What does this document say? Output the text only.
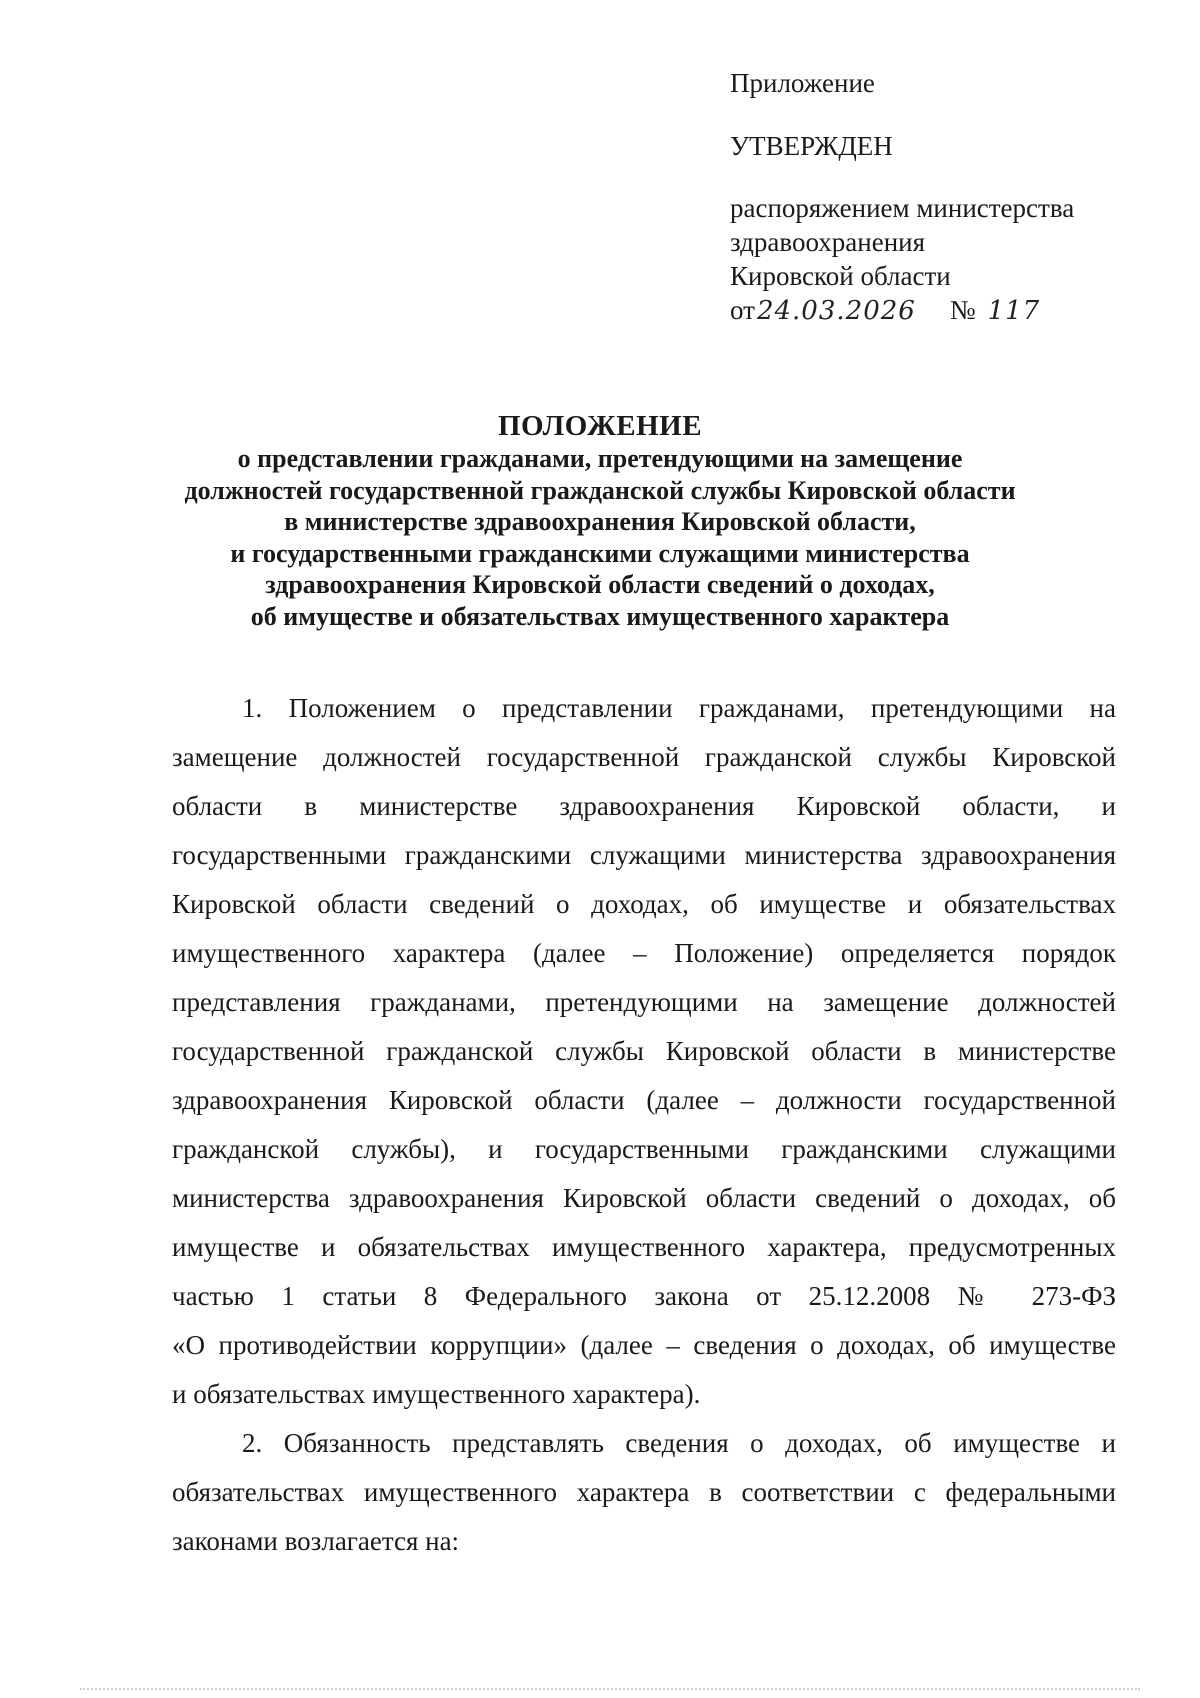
Приложение
УТВЕРЖДЕН
распоряжением министерства
здравоохранения
Кировской области
от 24.03.2026 № 117
ПОЛОЖЕНИЕ
о представлении гражданами, претендующими на замещение
должностей государственной гражданской службы Кировской области
в министерстве здравоохранения Кировской области,
и государственными гражданскими служащими министерства
здравоохранения Кировской области сведений о доходах,
об имуществе и обязательствах имущественного характера
1. Положением о представлении гражданами, претендующими на
замещение должностей государственной гражданской службы Кировской
области в министерстве здравоохранения Кировской области, и
государственными гражданскими служащими министерства здравоохранения
Кировской области сведений о доходах, об имуществе и обязательствах
имущественного характера (далее – Положение) определяется порядок
представления гражданами, претендующими на замещение должностей
государственной гражданской службы Кировской области в министерстве
здравоохранения Кировской области (далее – должности государственной
гражданской службы), и государственными гражданскими служащими
министерства здравоохранения Кировской области сведений о доходах, об
имуществе и обязательствах имущественного характера, предусмотренных
частью 1 статьи 8 Федерального закона от 25.12.2008 № 273-ФЗ
«О противодействии коррупции» (далее – сведения о доходах, об имуществе
и обязательствах имущественного характера).
2. Обязанность представлять сведения о доходах, об имуществе и
обязательствах имущественного характера в соответствии с федеральными
законами возлагается на:
